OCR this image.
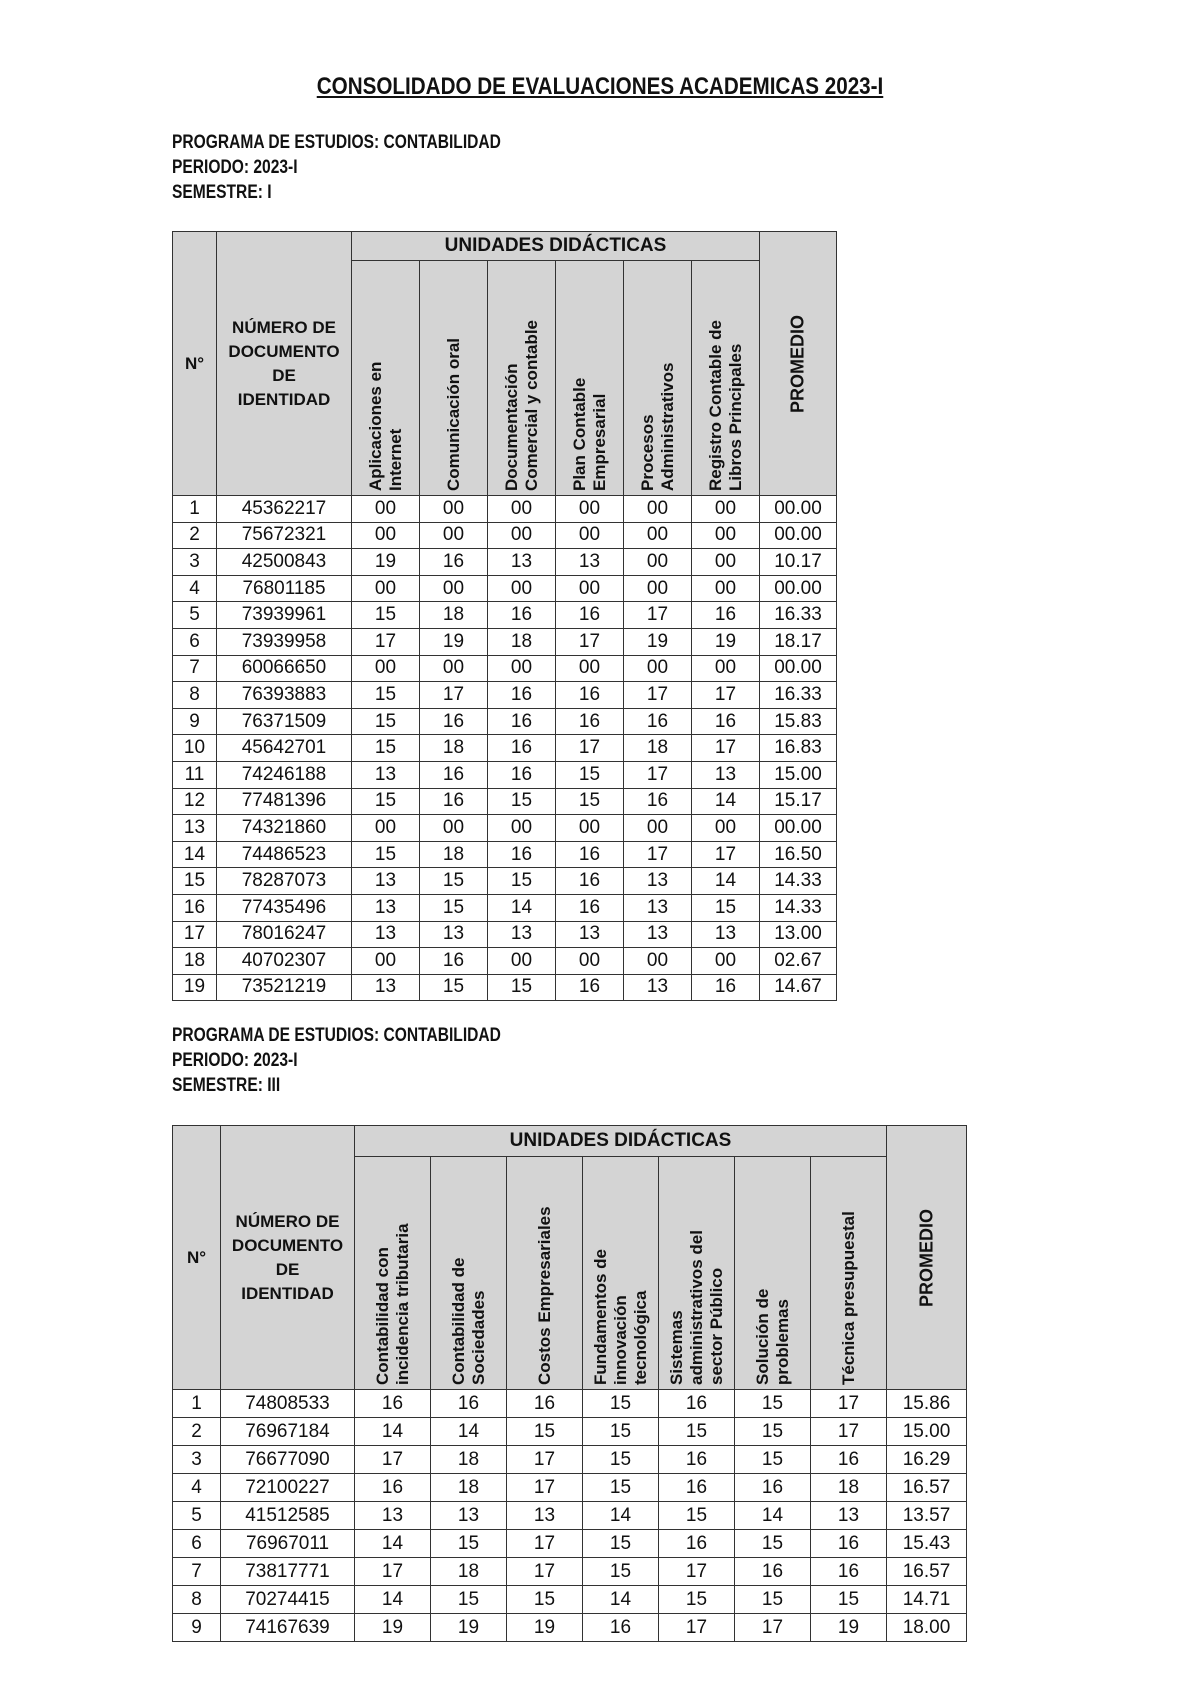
CONSOLIDADO DE EVALUACIONES ACADEMICAS 2023-I
PROGRAMA DE ESTUDIOS: CONTABILIDAD
PERIODO: 2023-I
SEMESTRE: I
N°	NÚMERO DE
DOCUMENTO
DE
IDENTIDAD	UNIDADES DIDÁCTICAS						PROMEDIO

		Aplicaciones en Internet	Comunicación oral	Documentación Comercial y contable	Plan Contable Empresarial	Procesos Administrativos	Registro Contable de Libros Principales	

1	45362217	00	00	00	00	00	00	00.00
2	75672321	00	00	00	00	00	00	00.00
3	42500843	19	16	13	13	00	00	10.17
4	76801185	00	00	00	00	00	00	00.00
5	73939961	15	18	16	16	17	16	16.33
6	73939958	17	19	18	17	19	19	18.17
7	60066650	00	00	00	00	00	00	00.00
8	76393883	15	17	16	16	17	17	16.33
9	76371509	15	16	16	16	16	16	15.83
10	45642701	15	18	16	17	18	17	16.83
11	74246188	13	16	16	15	17	13	15.00
12	77481396	15	16	15	15	16	14	15.17
13	74321860	00	00	00	00	00	00	00.00
14	74486523	15	18	16	16	17	17	16.50
15	78287073	13	15	15	16	13	14	14.33
16	77435496	13	15	14	16	13	15	14.33
17	78016247	13	13	13	13	13	13	13.00
18	40702307	00	16	00	00	00	00	02.67
19	73521219	13	15	15	16	13	16	14.67
PROGRAMA DE ESTUDIOS: CONTABILIDAD
PERIODO: 2023-I
SEMESTRE: III
N°	NÚMERO DE
DOCUMENTO
DE
IDENTIDAD	UNIDADES DIDÁCTICAS							PROMEDIO

		Contabilidad con incidencia tributaria	Contabilidad de Sociedades	Costos Empresariales	Fundamentos de innovación tecnológica	Sistemas administrativos del sector Público	Solución de problemas	Técnica presupuestal	

1	74808533	16	16	16	15	16	15	17	15.86
2	76967184	14	14	15	15	15	15	17	15.00
3	76677090	17	18	17	15	16	15	16	16.29
4	72100227	16	18	17	15	16	16	18	16.57
5	41512585	13	13	13	14	15	14	13	13.57
6	76967011	14	15	17	15	16	15	16	15.43
7	73817771	17	18	17	15	17	16	16	16.57
8	70274415	14	15	15	14	15	15	15	14.71
9	74167639	19	19	19	16	17	17	19	18.00
